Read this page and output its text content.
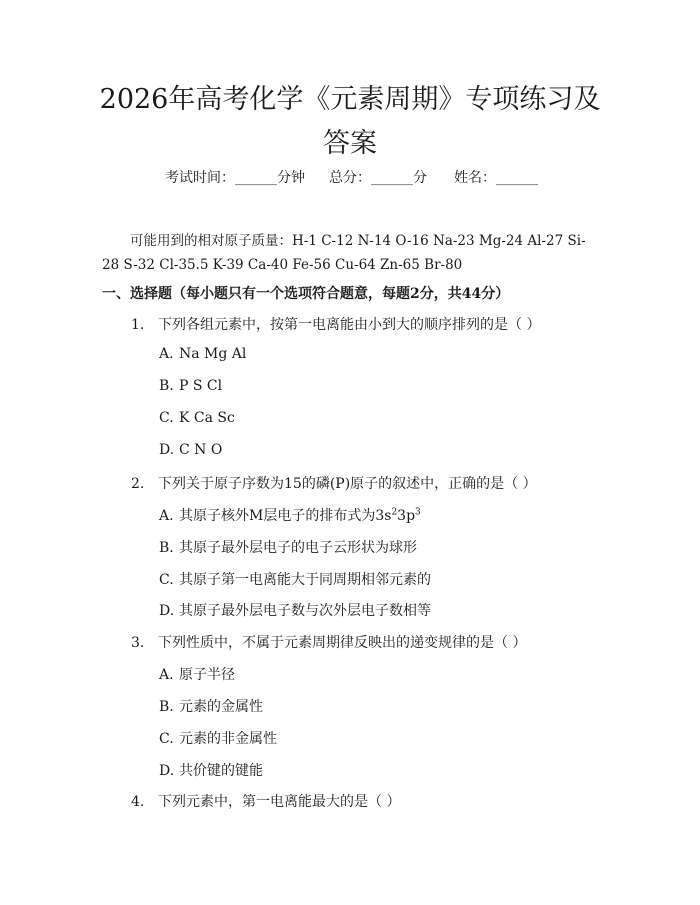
2026年高考化学《元素周期》专项练习及答案
考试时间：______分钟 总分：______分 姓名：______

可能用到的相对原子质量：H-1 C-12 N-14 O-16 Na-23 Mg-24 Al-27 Si-28 S-32 Cl-35.5 K-39 Ca-40 Fe-56 Cu-64 Zn-65 Br-80

一、选择题（每小题只有一个选项符合题意，每题2分，共44分）
1. 下列各组元素中，按第一电离能由小到大的顺序排列的是（ ）
A. Na Mg Al
B. P S Cl
C. K Ca Sc
D. C N O
2. 下列关于原子序数为15的磷(P)原子的叙述中，正确的是（ ）
A. 其原子核外M层电子的排布式为$3s^23p^3$
B. 其原子最外层电子的电子云形状为球形
C. 其原子第一电离能大于同周期相邻元素的
D. 其原子最外层电子数与次外层电子数相等
3. 下列性质中，不属于元素周期律反映出的递变规律的是（ ）
A. 原子半径
B. 元素的金属性
C. 元素的非金属性
D. 共价键的键能
4. 下列元素中，第一电离能最大的是（ ）
